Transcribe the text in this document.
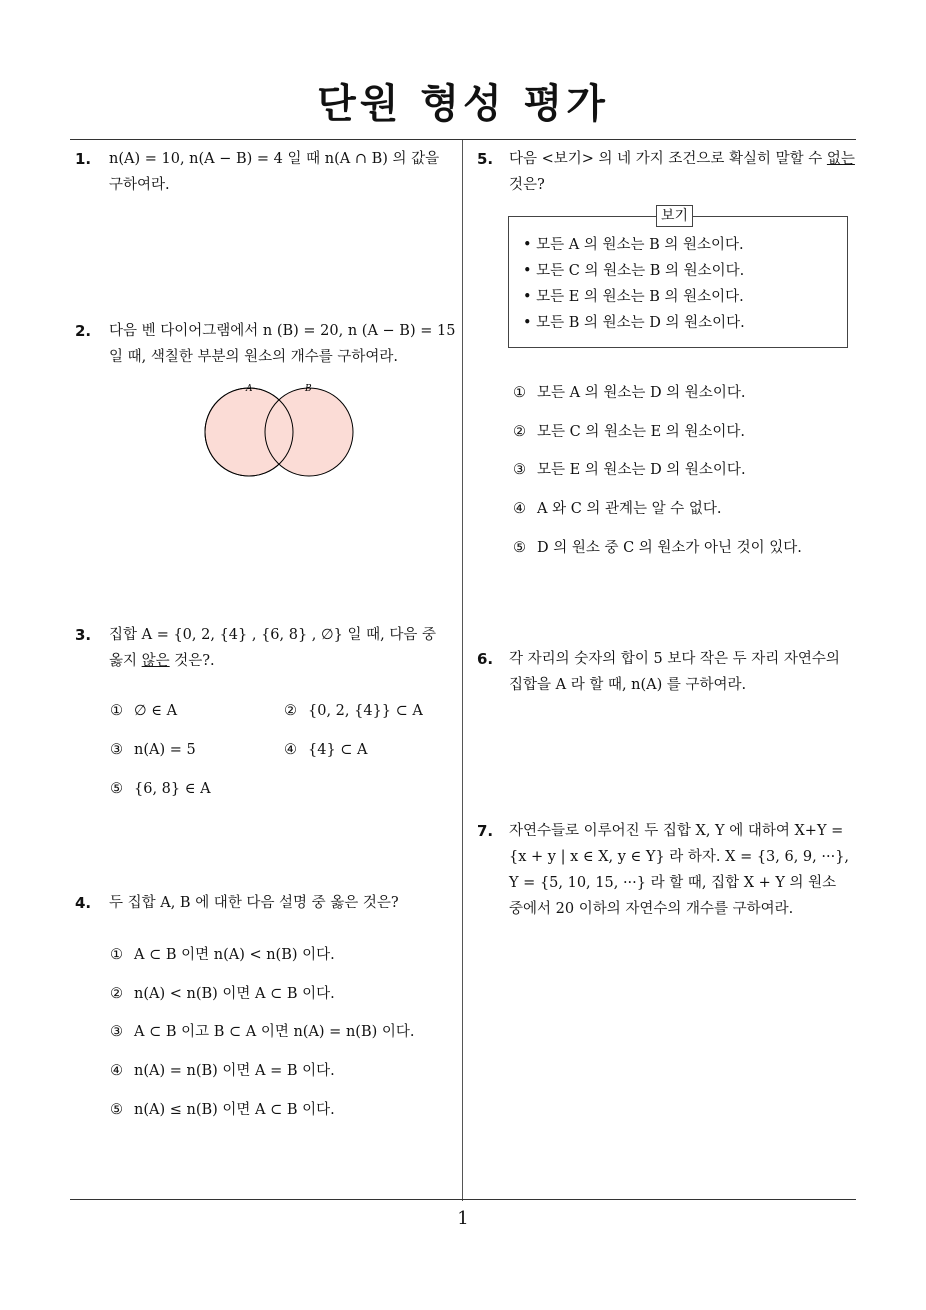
단원 형성 평가
1. n(A) = 10, n(A − B) = 4 일 때 n(A ∩ B) 의 값을
구하여라.
2. 다음 벤 다이어그램에서 n (B) = 20, n (A − B) = 15
일 때, 색칠한 부분의 원소의 개수를 구하여라.
A	B
3. 집합 A = {0, 2, {4} , {6, 8} , ∅} 일 때, 다음 중
옳지 않은 것은?.
① ∅ ∈ A	② {0, 2, {4}} ⊂ A
③ n(A) = 5	④ {4} ⊂ A
⑤ {6, 8} ∈ A
4. 두 집합 A, B 에 대한 다음 설명 중 옳은 것은?
① A ⊂ B 이면 n(A) < n(B) 이다.
② n(A) < n(B) 이면 A ⊂ B 이다.
③ A ⊂ B 이고 B ⊂ A 이면 n(A) = n(B) 이다.
④ n(A) = n(B) 이면 A = B 이다.
⑤ n(A) ≤ n(B) 이면 A ⊂ B 이다.
5. 다음 <보기> 의 네 가지 조건으로 확실히 말할 수 없는
것은?
보기
• 모든 A 의 원소는 B 의 원소이다.
• 모든 C 의 원소는 B 의 원소이다.
• 모든 E 의 원소는 B 의 원소이다.
• 모든 B 의 원소는 D 의 원소이다.
① 모든 A 의 원소는 D 의 원소이다.
② 모든 C 의 원소는 E 의 원소이다.
③ 모든 E 의 원소는 D 의 원소이다.
④ A 와 C 의 관계는 알 수 없다.
⑤ D 의 원소 중 C 의 원소가 아닌 것이 있다.
6. 각 자리의 숫자의 합이 5 보다 작은 두 자리 자연수의
집합을 A 라 할 때, n(A) 를 구하여라.
7. 자연수들로 이루어진 두 집합 X, Y 에 대하여 X+Y =
{x + y | x ∈ X, y ∈ Y} 라 하자. X = {3, 6, 9, ···},
Y = {5, 10, 15, ···} 라 할 때, 집합 X + Y 의 원소
중에서 20 이하의 자연수의 개수를 구하여라.
1
